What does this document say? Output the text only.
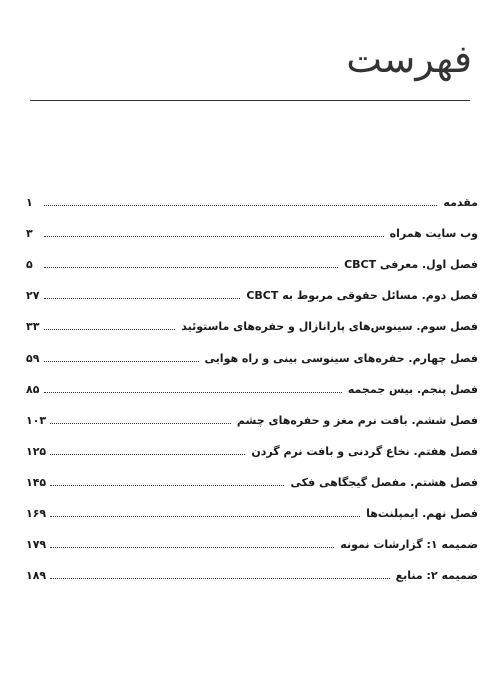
فهرست
مقدمه
۱
وب سایت همراه
۳
فصل اول. معرفی CBCT
۵
فصل دوم. مسائل حقوقی مربوط به CBCT
۲۷
فصل سوم. سینوس‌های پارانازال و حفره‌های ماستوئید
۳۳
فصل چهارم. حفره‌های سینوسی بینی و راه هوایی
۵۹
فصل پنجم. بیس جمجمه
۸۵
فصل ششم. بافت نرم مغز و حفره‌های چشم
۱۰۳
فصل هفتم. نخاع گردنی و بافت نرم گردن
۱۲۵
فصل هشتم. مفصل گیجگاهی فکی
۱۴۵
فصل نهم. ایمپلنت‌ها
۱۶۹
ضمیمه ۱: گزارشات نمونه
۱۷۹
ضمیمه ۲: منابع
۱۸۹
